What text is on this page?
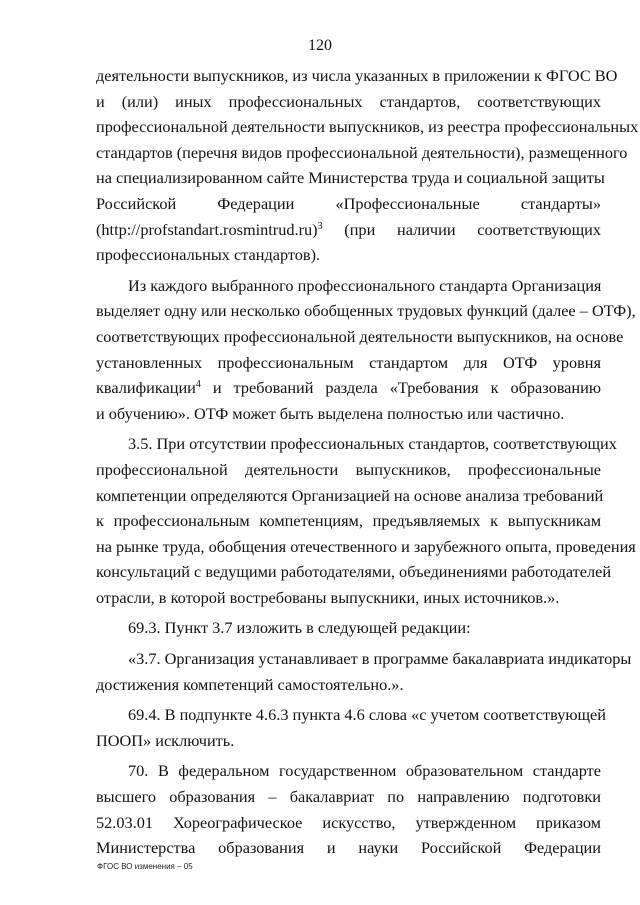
120
деятельности выпускников, из числа указанных в приложении к ФГОС ВО
и (или) иных профессиональных стандартов, соответствующих
профессиональной деятельности выпускников, из реестра профессиональных
стандартов (перечня видов профессиональной деятельности), размещенного
на специализированном сайте Министерства труда и социальной защиты
Российской Федерации «Профессиональные стандарты»
(http://profstandart.rosmintrud.ru)$^3$ (при наличии соответствующих
профессиональных стандартов).
Из каждого выбранного профессионального стандарта Организация
выделяет одну или несколько обобщенных трудовых функций (далее – ОТФ),
соответствующих профессиональной деятельности выпускников, на основе
установленных профессиональным стандартом для ОТФ уровня
квалификации$^4$ и требований раздела «Требования к образованию
и обучению». ОТФ может быть выделена полностью или частично.
3.5. При отсутствии профессиональных стандартов, соответствующих
профессиональной деятельности выпускников, профессиональные
компетенции определяются Организацией на основе анализа требований
к профессиональным компетенциям, предъявляемых к выпускникам
на рынке труда, обобщения отечественного и зарубежного опыта, проведения
консультаций с ведущими работодателями, объединениями работодателей
отрасли, в которой востребованы выпускники, иных источников.».
69.3. Пункт 3.7 изложить в следующей редакции:
«3.7. Организация устанавливает в программе бакалавриата индикаторы
достижения компетенций самостоятельно.».
69.4. В подпункте 4.6.3 пункта 4.6 слова «с учетом соответствующей
ПООП» исключить.
70. В федеральном государственном образовательном стандарте
высшего образования – бакалавриат по направлению подготовки
52.03.01 Хореографическое искусство, утвержденном приказом
Министерства образования и науки Российской Федерации
ФГОС ВО изменения – 05
